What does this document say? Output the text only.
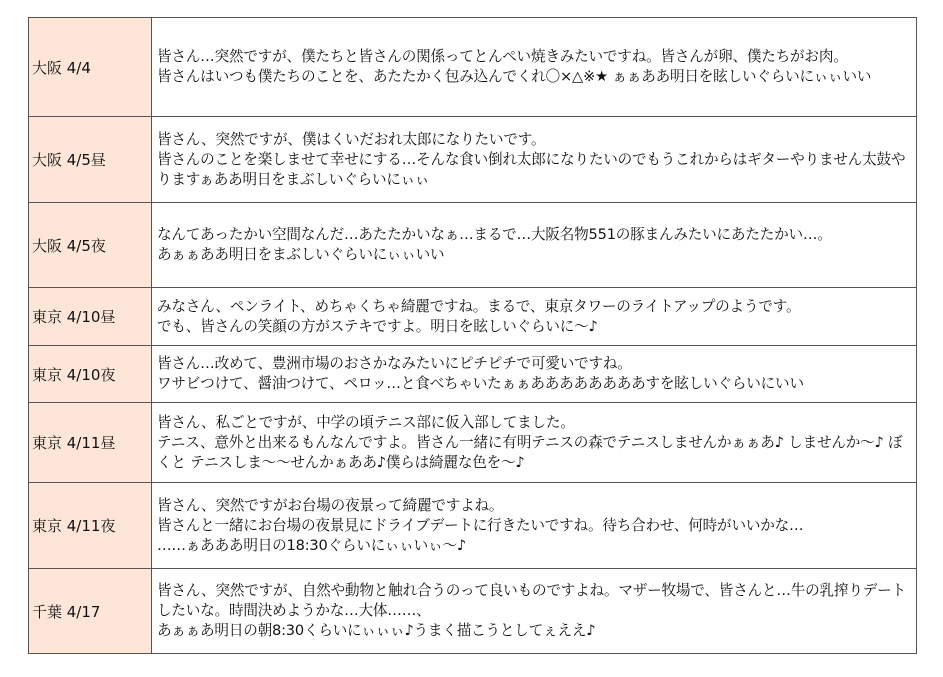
大阪 4/4	皆さん…突然ですが、僕たちと皆さんの関係ってとんぺい焼きみたいですね。皆さんが卵、僕たちがお肉。
皆さんはいつも僕たちのことを、あたたかく包み込んでくれ〇×△※★ ぁぁああ明日を眩しいぐらいにぃぃいい

大阪 4/5昼	皆さん、突然ですが、僕はくいだおれ太郎になりたいです。
皆さんのことを楽しませて幸せにする…そんな食い倒れ太郎になりたいのでもうこれからはギターやりません太鼓やりますぁああ明日をまぶしいぐらいにぃぃ

大阪 4/5夜	なんてあったかい空間なんだ…あたたかいなぁ…まるで…大阪名物551の豚まんみたいにあたたかい…。
あぁぁああ明日をまぶしいぐらいにぃぃいい

東京 4/10昼	みなさん、ペンライト、めちゃくちゃ綺麗ですね。まるで、東京タワーのライトアップのようです。
でも、皆さんの笑顔の方がステキですよ。明日を眩しいぐらいに～♪

東京 4/10夜	皆さん…改めて、豊洲市場のおさかなみたいにピチピチで可愛いですね。
ワサビつけて、醤油つけて、ペロッ…と食べちゃいたぁぁああああああああすを眩しいぐらいにいい

東京 4/11昼	皆さん、私ごとですが、中学の頃テニス部に仮入部してました。
テニス、意外と出来るもんなんですよ。皆さん一緒に有明テニスの森でテニスしませんかぁぁあ♪ しませんか～♪ ぼくと テニスしま～～せんかぁああ♪僕らは綺麗な色を～♪

東京 4/11夜	皆さん、突然ですがお台場の夜景って綺麗ですよね。
皆さんと一緒にお台場の夜景見にドライブデートに行きたいですね。待ち合わせ、何時がいいかな…
……ぁあああ明日の18:30ぐらいにぃぃいぃ～♪

千葉 4/17	皆さん、突然ですが、自然や動物と触れ合うのって良いものですよね。マザー牧場で、皆さんと…牛の乳搾りデートしたいな。時間決めようかな…大体……、
あぁぁあ明日の朝8:30くらいにぃぃぃ♪うまく描こうとしてぇええ♪
